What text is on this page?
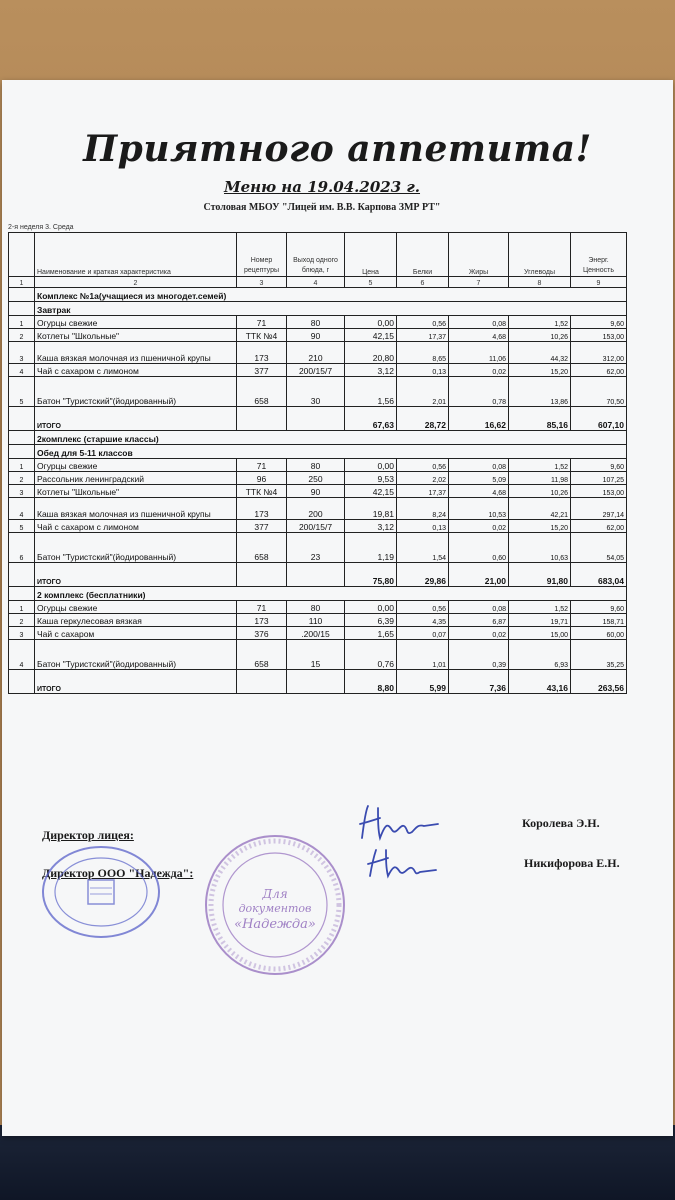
Приятного аппетита!
Меню на 19.04.2023 г.
Столовая МБОУ "Лицей им. В.В. Карпова ЗМР РТ"
2-я неделя 3. Среда
	Наименование и краткая характеристика	Номер рецептуры	Выход одного блюда, г	Цена	Белки	Жиры	Углеводы	Энерг. Ценность
1	2	3	4	5	6	7	8	9
	Комплекс №1а(учащиеся из многодет.семей)							
	Завтрак							
1	Огурцы свежие	71	80	0,00	0,56	0,08	1,52	9,60
2	Котлеты "Школьные"	ТТК №4	90	42,15	17,37	4,68	10,26	153,00
3	Каша вязкая молочная из пшеничной крупы	173	210	20,80	8,65	11,06	44,32	312,00
4	Чай с сахаром с лимоном	377	200/15/7	3,12	0,13	0,02	15,20	62,00
5	Батон "Туристский"(йодированный)	658	30	1,56	2,01	0,78	13,86	70,50
	ИТОГО			67,63	28,72	16,62	85,16	607,10
	2комплекс (старшие классы)							
	Обед для 5-11 классов							
1	Огурцы свежие	71	80	0,00	0,56	0,08	1,52	9,60
2	Рассольник ленинградский	96	250	9,53	2,02	5,09	11,98	107,25
3	Котлеты "Школьные"	ТТК №4	90	42,15	17,37	4,68	10,26	153,00
4	Каша вязкая молочная из пшеничной крупы	173	200	19,81	8,24	10,53	42,21	297,14
5	Чай с сахаром с лимоном	377	200/15/7	3,12	0,13	0,02	15,20	62,00
6	Батон "Туристский"(йодированный)	658	23	1,19	1,54	0,60	10,63	54,05
	ИТОГО			75,80	29,86	21,00	91,80	683,04
	2 комплекс (бесплатники)							
1	Огурцы свежие	71	80	0,00	0,56	0,08	1,52	9,60
2	Каша геркулесовая вязкая	173	110	6,39	4,35	6,87	19,71	158,71
3	Чай с сахаром	376	.200/15	1,65	0,07	0,02	15,00	60,00
4	Батон "Туристский"(йодированный)	658	15	0,76	1,01	0,39	6,93	35,25
	ИТОГО			8,80	5,99	7,36	43,16	263,56
Директор лицея:
Королева Э.Н.
Директор ООО "Надежда":
Никифорова Е.Н.
Для
документов
«Надежда»
